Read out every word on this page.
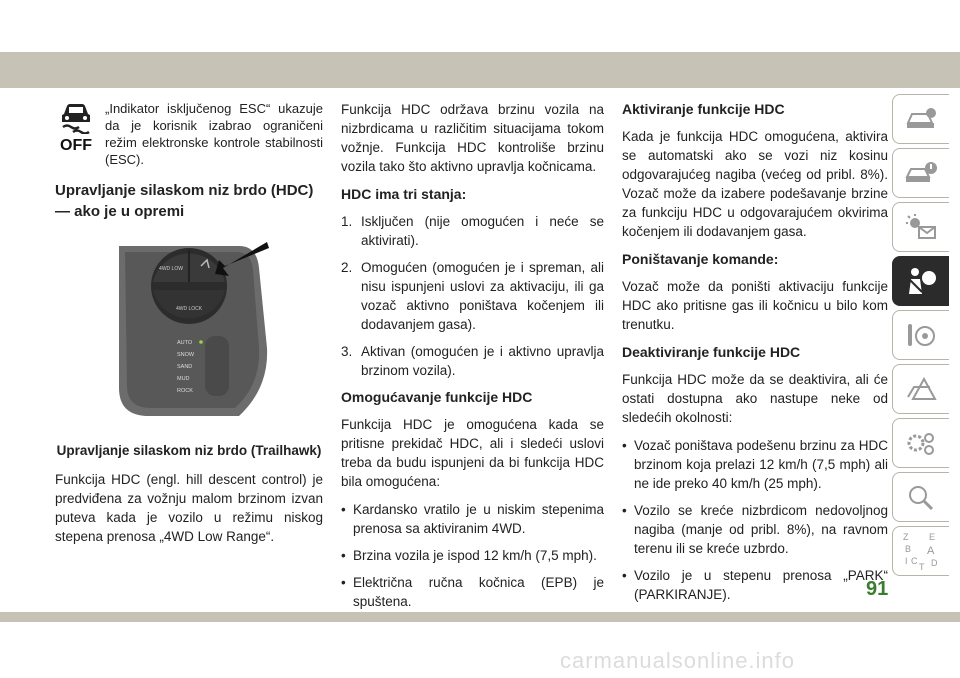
OFF
„Indikator isključenog ESC“ ukazuje da je korisnik izabrao ograničeni režim elektronske kontrole stabilnosti (ESC).
Upravljanje silaskom niz brdo (HDC) — ako je u opremi
4WD LOW
4WD LOCK
AUTO
SNOW
SAND
MUD
ROCK
Upravljanje silaskom niz brdo (Trailhawk)

Funkcija HDC (engl. hill descent control) je predviđena za vožnju malom brzinom izvan puteva kada je vozilo u režimu niskog stepena prenosa „4WD Low Range“.

Funkcija HDC održava brzinu vozila na nizbrdicama u različitim situacijama tokom vožnje. Funkcija HDC kontroliše brzinu vozila tako što aktivno upravlja kočnicama.

HDC ima tri stanja:
1. Isključen (nije omogućen i neće se aktivirati).
2. Omogućen (omogućen je i spreman, ali nisu ispunjeni uslovi za aktivaciju, ili ga vozač aktivno poništava kočenjem ili dodavanjem gasa).
3. Aktivan (omogućen je i aktivno upravlja brzinom vozila).
Omogućavanje funkcije HDC

Funkcija HDC je omogućena kada se pritisne prekidač HDC, ali i sledeći uslovi treba da budu ispunjeni da bi funkcija HDC bila omogućena:

• Kardansko vratilo je u niskim stepenima prenosa sa aktiviranim 4WD.
• Brzina vozila je ispod 12 km/h (7,5 mph).
• Električna ručna kočnica (EPB) je spuštena.
Aktiviranje funkcije HDC

Kada je funkcija HDC omogućena, aktivira se automatski ako se vozi niz kosinu odgovarajućeg nagiba (većeg od pribl. 8%). Vozač može da izabere podešavanje brzine za funkciju HDC u odgovarajućem okvirima kočenjem ili dodavanjem gasa.

Poništavanje komande:

Vozač može da poništi aktivaciju funkcije HDC ako pritisne gas ili kočnicu u bilo kom trenutku.

Deaktiviranje funkcije HDC

Funkcija HDC može da se deaktivira, ali će ostati dostupna ako nastupe neke od sledećih okolnosti:

• Vozač poništava podešenu brzinu za HDC brzinom koja prelazi 12 km/h (7,5 mph) ali ne ide preko 40 km/h (25 mph).
• Vozilo se kreće nizbrdicom nedovoljnog nagiba (manje od pribl. 8%), na ravnom terenu ili se kreće uzbrdo.
• Vozilo je u stepenu prenosa „PARK“ (PARKIRANJE).
Z E
B A
C D
I
T
91
carmanualsonline.info
